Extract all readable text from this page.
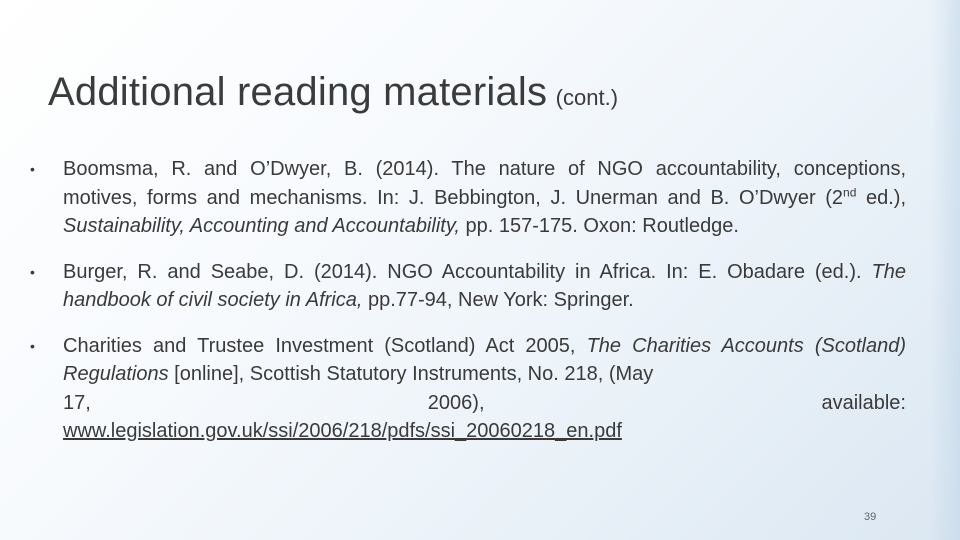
Additional reading materials (cont.)
• Boomsma, R. and O’Dwyer, B. (2014). The nature of NGO accountability, conceptions, motives, forms and mechanisms. In: J. Bebbington, J. Unerman and B. O’Dwyer (2nd ed.), Sustainability, Accounting and Accountability, pp. 157-175. Oxon: Routledge.
• Burger, R. and Seabe, D. (2014). NGO Accountability in Africa. In: E. Obadare (ed.). The handbook of civil society in Africa, pp.77-94, New York: Springer.
• Charities and Trustee Investment (Scotland) Act 2005, The Charities Accounts (Scotland) Regulations [online], Scottish Statutory Instruments, No. 218, (May
17, 2006), available:
www.legislation.gov.uk/ssi/2006/218/pdfs/ssi_20060218_en.pdf
39
